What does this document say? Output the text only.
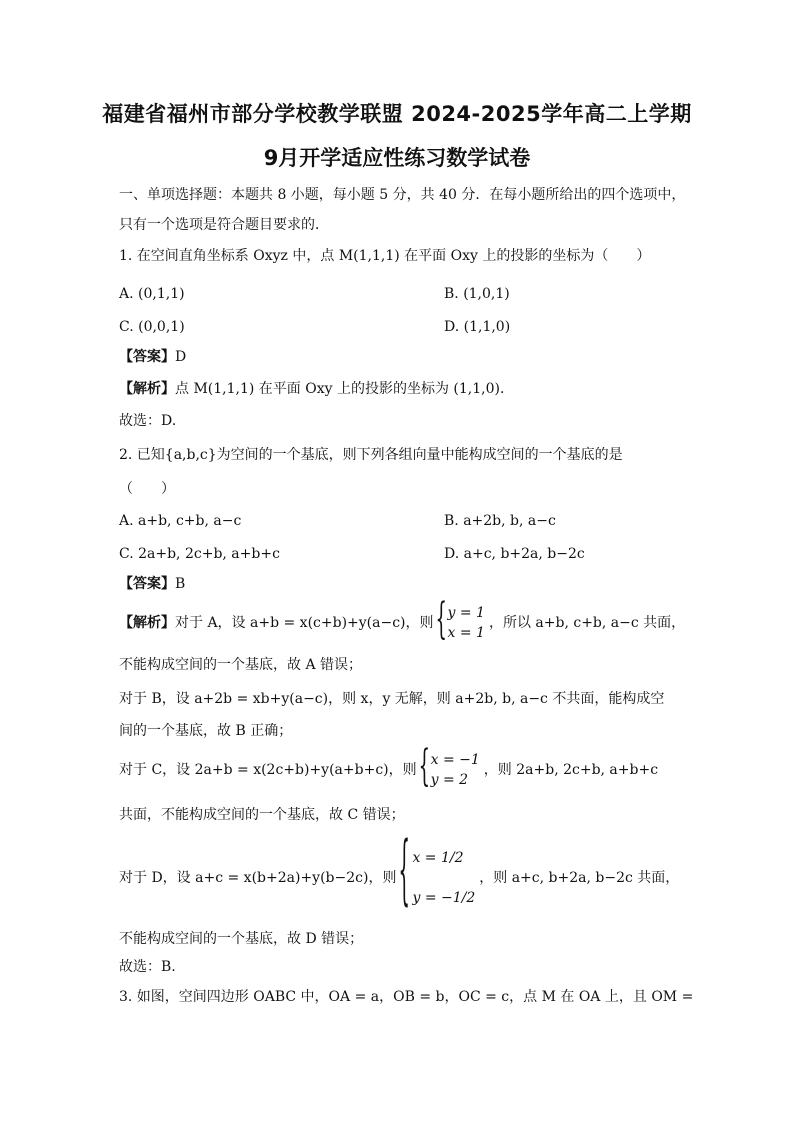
福建省福州市部分学校教学联盟 2024-2025学年高二上学期
9月开学适应性练习数学试卷
一、单项选择题：本题共 8 小题，每小题 5 分，共 40 分．在每小题所给出的四个选项中，
只有一个选项是符合题目要求的．
1. 在空间直角坐标系 Oxyz 中，点 M(1,1,1) 在平面 Oxy 上的投影的坐标为（　　）
A. (0,1,1)	B. (1,0,1)
C. (0,0,1)	D. (1,1,0)
【答案】D
【解析】点 M(1,1,1) 在平面 Oxy 上的投影的坐标为 (1,1,0)．
故选：D.
2. 已知{a,b,c}为空间的一个基底，则下列各组向量中能构成空间的一个基底的是
（　　）
A. a+b, c+b, a−c	B. a+2b, b, a−c
C. 2a+b, 2c+b, a+b+c	D. a+c, b+2a, b−2c
【答案】B
【解析】对于 A，设 a+b = x(c+b)+y(a−c)，则
{ y = 1
x = 1
，所以 a+b, c+b, a−c 共面，
不能构成空间的一个基底，故 A 错误；
对于 B，设 a+2b = xb+y(a−c)，则 x，y 无解，则 a+2b, b, a−c 不共面，能构成空
间的一个基底，故 B 正确；
对于 C，设 2a+b = x(2c+b)+y(a+b+c)，则
{ x = −1
y = 2
，则 2a+b, 2c+b, a+b+c
共面，不能构成空间的一个基底，故 C 错误；
对于 D，设 a+c = x(b+2a)+y(b−2c)，则
{ x = 1/2
y = −1/2
，则 a+c, b+2a, b−2c 共面，
不能构成空间的一个基底，故 D 错误；
故选：B.
3. 如图，空间四边形 OABC 中，OA = a，OB = b，OC = c，点 M 在 OA 上，且 OM =
